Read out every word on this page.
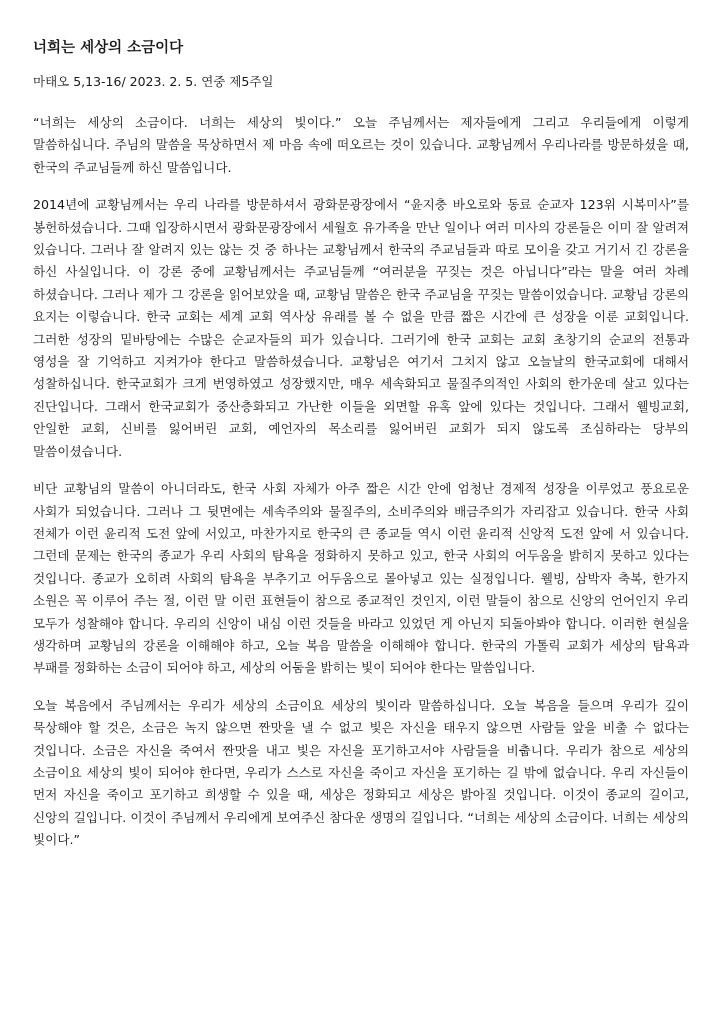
너희는 세상의 소금이다
마태오 5,13-16/ 2023. 2. 5. 연중 제5주일

“너희는 세상의 소금이다. 너희는 세상의 빛이다.” 오늘 주님께서는 제자들에게 그리고 우리들에게 이렇게 말씀하십니다. 주님의 말씀을 묵상하면서 제 마음 속에 떠오르는 것이 있습니다. 교황님께서 우리나라를 방문하셨을 때, 한국의 주교님들께 하신 말씀입니다.

2014년에 교황님께서는 우리 나라를 방문하셔서 광화문광장에서 “윤지충 바오로와 동료 순교자 123위 시복미사”를 봉헌하셨습니다. 그때 입장하시면서 광화문광장에서 세월호 유가족을 만난 일이나 여러 미사의 강론들은 이미 잘 알려져 있습니다. 그러나 잘 알려지 있는 않는 것 중 하나는 교황님께서 한국의 주교님들과 따로 모이을 갖고 거기서 긴 강론을 하신 사실입니다. 이 강론 중에 교황님께서는 주교님들께 “여러분을 꾸짖는 것은 아닙니다”라는 말을 여러 차례 하셨습니다. 그러나 제가 그 강론을 읽어보았을 때, 교황님 말씀은 한국 주교님을 꾸짖는 말씀이었습니다. 교황님 강론의 요지는 이렇습니다. 한국 교회는 세계 교회 역사상 유래를 볼 수 없을 만큼 짧은 시간에 큰 성장을 이룬 교회입니다. 그러한 성장의 밑바탕에는 수많은 순교자들의 피가 있습니다. 그러기에 한국 교회는 교회 초창기의 순교의 전통과 영성을 잘 기억하고 지켜가야 한다고 말씀하셨습니다. 교황님은 여기서 그치지 않고 오늘날의 한국교회에 대해서 성찰하십니다. 한국교회가 크게 번영하였고 성장했지만, 매우 세속화되고 물질주의적인 사회의 한가운데 살고 있다는 진단입니다. 그래서 한국교회가 중산층화되고 가난한 이들을 외면할 유혹 앞에 있다는 것입니다. 그래서 웰빙교회, 안일한 교회, 신비를 잃어버린 교회, 예언자의 목소리를 잃어버린 교회가 되지 않도록 조심하라는 당부의 말씀이셨습니다.

비단 교황님의 말씀이 아니더라도, 한국 사회 자체가 아주 짧은 시간 안에 엄청난 경제적 성장을 이루었고 풍요로운 사회가 되었습니다. 그러나 그 뒷면에는 세속주의와 물질주의, 소비주의와 배금주의가 자리잡고 있습니다. 한국 사회 전체가 이런 윤리적 도전 앞에 서있고, 마찬가지로 한국의 큰 종교들 역시 이런 윤리적 신앙적 도전 앞에 서 있습니다. 그런데 문제는 한국의 종교가 우리 사회의 탐욕을 정화하지 못하고 있고, 한국 사회의 어두움을 밝히지 못하고 있다는 것입니다. 종교가 오히려 사회의 탐욕을 부추기고 어두움으로 몰아넣고 있는 실정입니다. 웰빙, 삼박자 축복, 한가지 소원은 꼭 이루어 주는 절, 이런 말 이런 표현들이 참으로 종교적인 것인지, 이런 말들이 참으로 신앙의 언어인지 우리 모두가 성찰해야 합니다. 우리의 신앙이 내심 이런 것들을 바라고 있었던 게 아닌지 되돌아봐야 합니다. 이러한 현실을 생각하며 교황님의 강론을 이해해야 하고, 오늘 복음 말씀을 이해해야 합니다. 한국의 가톨릭 교회가 세상의 탐욕과 부패를 정화하는 소금이 되어야 하고, 세상의 어둠을 밝히는 빛이 되어야 한다는 말씀입니다.

오늘 복음에서 주님께서는 우리가 세상의 소금이요 세상의 빛이라 말씀하십니다. 오늘 복음을 들으며 우리가 깊이 묵상해야 할 것은, 소금은 녹지 않으면 짠맛을 낼 수 없고 빛은 자신을 태우지 않으면 사람들 앞을 비출 수 없다는 것입니다. 소금은 자신을 죽여서 짠맛을 내고 빛은 자신을 포기하고서야 사람들을 비춥니다. 우리가 참으로 세상의 소금이요 세상의 빛이 되어야 한다면, 우리가 스스로 자신을 죽이고 자신을 포기하는 길 밖에 없습니다. 우리 자신들이 먼저 자신을 죽이고 포기하고 희생할 수 있을 때, 세상은 정화되고 세상은 밝아질 것입니다. 이것이 종교의 길이고, 신앙의 길입니다. 이것이 주님께서 우리에게 보여주신 참다운 생명의 길입니다. “너희는 세상의 소금이다. 너희는 세상의 빛이다.”
